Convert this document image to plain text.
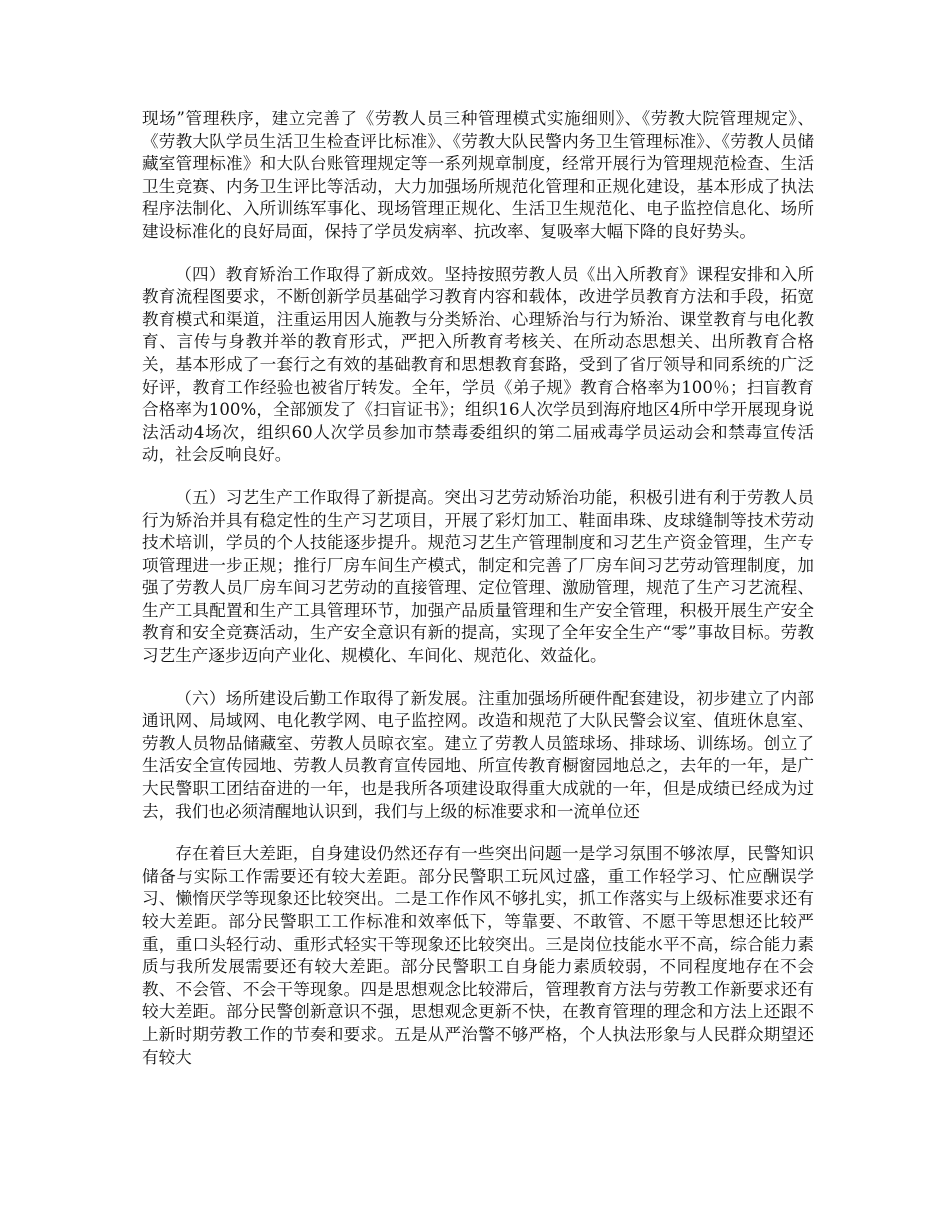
现场”管理秩序，建立完善了《劳教人员三种管理模式实施细则》、《劳教大院管理规定》、《劳教大队学员生活卫生检查评比标准》、《劳教大队民警内务卫生管理标准》、《劳教人员储藏室管理标准》和大队台账管理规定等一系列规章制度，经常开展行为管理规范检查、生活卫生竞赛、内务卫生评比等活动，大力加强场所规范化管理和正规化建设，基本形成了执法程序法制化、入所训练军事化、现场管理正规化、生活卫生规范化、电子监控信息化、场所建设标准化的良好局面，保持了学员发病率、抗改率、复吸率大幅下降的良好势头。

（四）教育矫治工作取得了新成效。坚持按照劳教人员《出入所教育》课程安排和入所教育流程图要求，不断创新学员基础学习教育内容和载体，改进学员教育方法和手段，拓宽教育模式和渠道，注重运用因人施教与分类矫治、心理矫治与行为矫治、课堂教育与电化教育、言传与身教并举的教育形式，严把入所教育考核关、在所动态思想关、出所教育合格关，基本形成了一套行之有效的基础教育和思想教育套路，受到了省厅领导和同系统的广泛好评，教育工作经验也被省厅转发。全年，学员《弟子规》教育合格率为100％；扫盲教育合格率为100%，全部颁发了《扫盲证书》；组织16人次学员到海府地区4所中学开展现身说法活动4场次，组织60人次学员参加市禁毒委组织的第二届戒毒学员运动会和禁毒宣传活动，社会反响良好。

（五）习艺生产工作取得了新提高。突出习艺劳动矫治功能，积极引进有利于劳教人员行为矫治并具有稳定性的生产习艺项目，开展了彩灯加工、鞋面串珠、皮球缝制等技术劳动技术培训，学员的个人技能逐步提升。规范习艺生产管理制度和习艺生产资金管理，生产专项管理进一步正规；推行厂房车间生产模式，制定和完善了厂房车间习艺劳动管理制度，加强了劳教人员厂房车间习艺劳动的直接管理、定位管理、激励管理，规范了生产习艺流程、生产工具配置和生产工具管理环节，加强产品质量管理和生产安全管理，积极开展生产安全教育和安全竞赛活动，生产安全意识有新的提高，实现了全年安全生产“零”事故目标。劳教习艺生产逐步迈向产业化、规模化、车间化、规范化、效益化。

（六）场所建设后勤工作取得了新发展。注重加强场所硬件配套建设，初步建立了内部通讯网、局域网、电化教学网、电子监控网。改造和规范了大队民警会议室、值班休息室、劳教人员物品储藏室、劳教人员晾衣室。建立了劳教人员篮球场、排球场、训练场。创立了生活安全宣传园地、劳教人员教育宣传园地、所宣传教育橱窗园地总之，去年的一年，是广大民警职工团结奋进的一年，也是我所各项建设取得重大成就的一年，但是成绩已经成为过去，我们也必须清醒地认识到，我们与上级的标准要求和一流单位还

存在着巨大差距，自身建设仍然还存有一些突出问题一是学习氛围不够浓厚，民警知识储备与实际工作需要还有较大差距。部分民警职工玩风过盛，重工作轻学习、忙应酬误学习、懒惰厌学等现象还比较突出。二是工作作风不够扎实，抓工作落实与上级标准要求还有较大差距。部分民警职工工作标准和效率低下，等靠要、不敢管、不愿干等思想还比较严重，重口头轻行动、重形式轻实干等现象还比较突出。三是岗位技能水平不高，综合能力素质与我所发展需要还有较大差距。部分民警职工自身能力素质较弱，不同程度地存在不会教、不会管、不会干等现象。四是思想观念比较滞后，管理教育方法与劳教工作新要求还有较大差距。部分民警创新意识不强，思想观念更新不快，在教育管理的理念和方法上还跟不上新时期劳教工作的节奏和要求。五是从严治警不够严格，个人执法形象与人民群众期望还有较大
